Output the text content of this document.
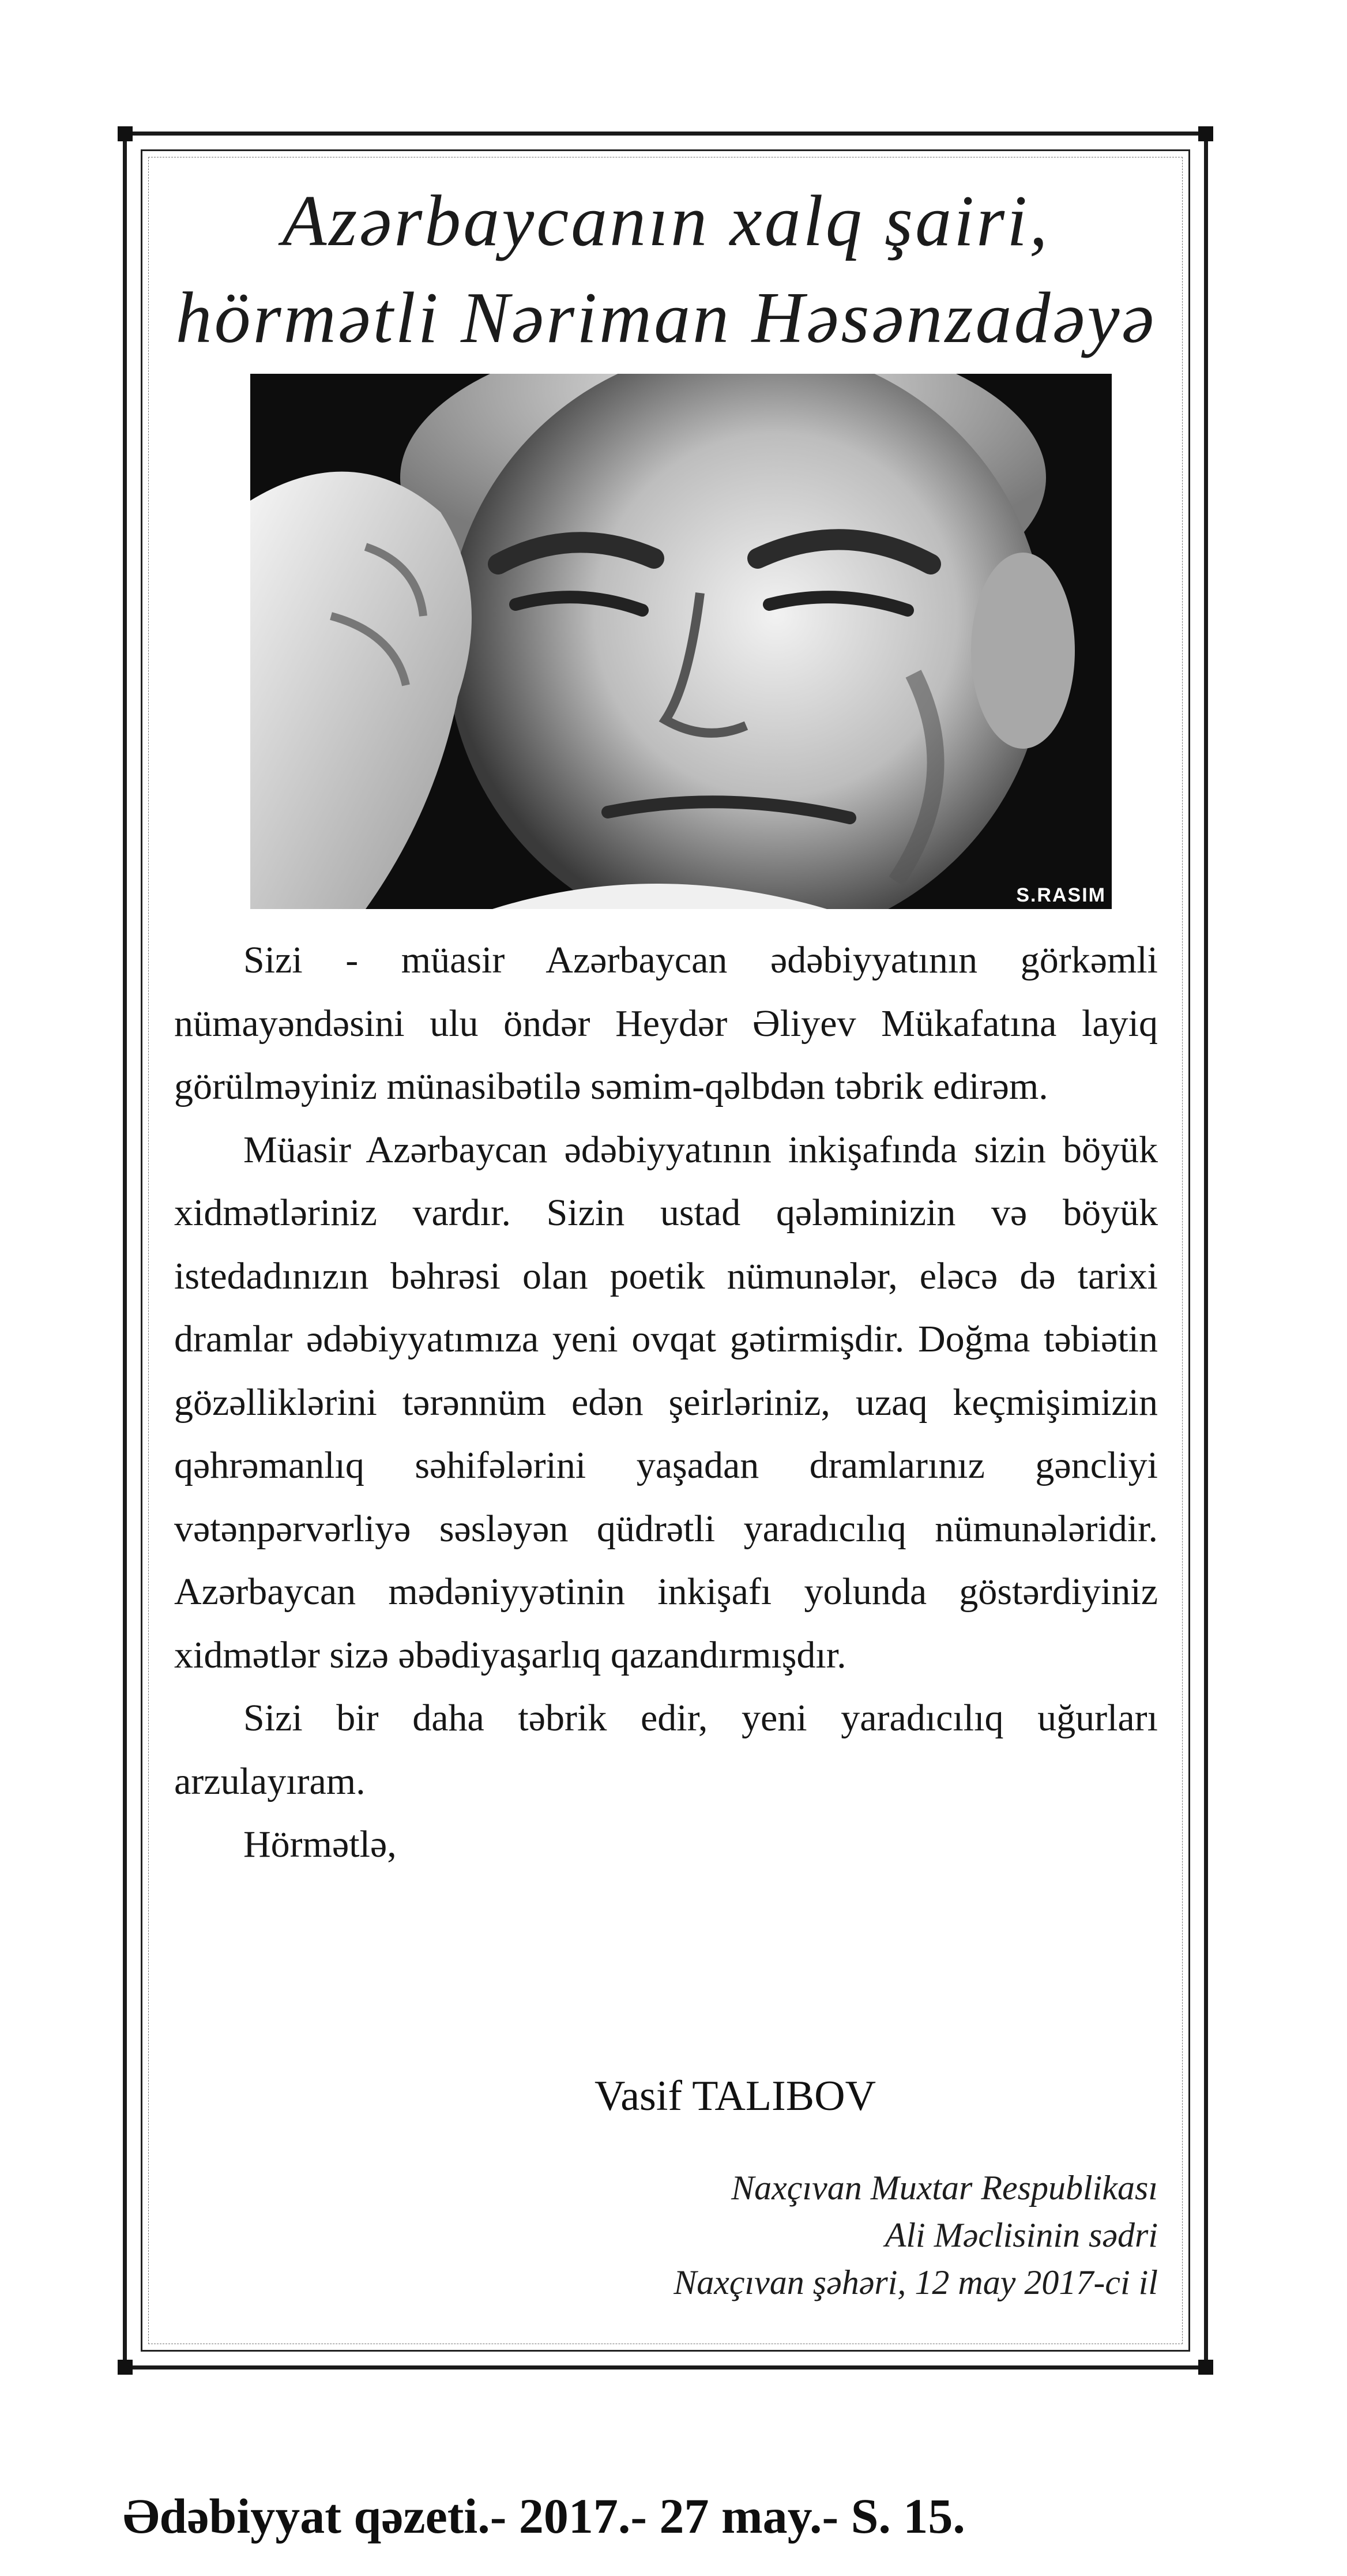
Azərbaycanın xalq şairi,
hörmətli Nəriman Həsənzadəyə
S.RASIM

Sizi - müasir Azərbaycan ədəbiyyatının görkəmli nümayəndəsini ulu öndər Heydər Əliyev Mükafatına layiq görülməyiniz münasibətilə səmim-qəlbdən təbrik edirəm.

Müasir Azərbaycan ədəbiyyatının inkişafında sizin böyük xidmətləriniz vardır. Sizin ustad qələminizin və böyük istedadınızın bəhrəsi olan poetik nümunələr, eləcə də tarixi dramlar ədəbiyyatımıza yeni ovqat gətirmişdir. Doğma təbiətin gözəlliklərini tərənnüm edən şeirləriniz, uzaq keçmişimizin qəhrəmanlıq səhifələrini yaşadan dramlarınız gəncliyi vətənpərvərliyə səsləyən qüdrətli yaradıcılıq nümunələridir. Azərbaycan mədəniyyətinin inkişafı yolunda göstərdiyiniz xidmətlər sizə əbədiyaşarlıq qazandırmışdır.

Sizi bir daha təbrik edir, yeni yaradıcılıq uğurları arzulayıram.

Hörmətlə,

Vasif TALIBOV
Naxçıvan Muxtar Respublikası
Ali Məclisinin sədri
Naxçıvan şəhəri, 12 may 2017-ci il
Ədəbiyyat qəzeti.- 2017.- 27 may.- S. 15.
